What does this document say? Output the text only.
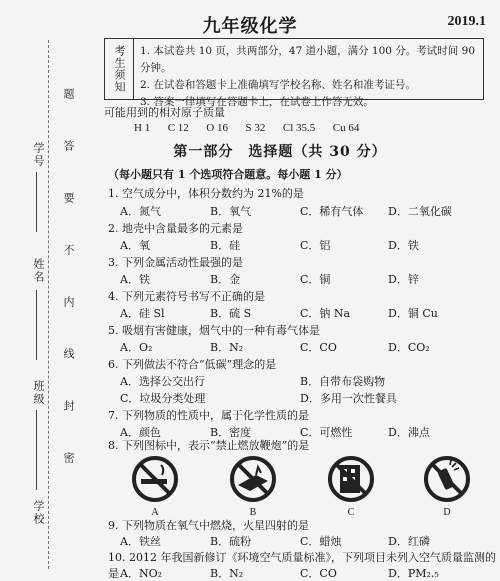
九年级化学	2019.1
学号
姓名
班级
学校
题
答
要
不
内
线
封
密
考生须知 1. 本试卷共 10 页，共两部分，47 道小题，满分 100 分。考试时间 90 分钟。
2. 在试卷和答题卡上准确填写学校名称、姓名和准考证号。
3. 答案一律填写在答题卡上，在试卷上作答无效。
可能用到的相对原子质量
H 1 C 12 O 16 S 32 Cl 35.5 Cu 64
第一部分　选择题（共 30 分）
（每小题只有 1 个选项符合题意。每小题 1 分）
1. 空气成分中，体积分数约为 21%的是
A．氮气	B．氧气	C．稀有气体 D．二氧化碳
2. 地壳中含量最多的元素是
A．氧	B．硅	C．铝	D．铁
3. 下列金属活动性最强的是
A．铁	B．金	C．铜	D．锌
4. 下列元素符号书写不正确的是
A．硅 Sl	B．硫 S	C．钠 Na	D．铜 Cu
5. 吸烟有害健康，烟气中的一种有毒气体是
A．O₂	B．N₂	C．CO	D．CO₂
6. 下列做法不符合“低碳”理念的是
A．选择公交出行	B．自带布袋购物
C．垃圾分类处理	D．多用一次性餐具
7. 下列物质的性质中，属于化学性质的是
A．颜色	B．密度	C．可燃性	D．沸点
8. 下列图标中，表示“禁止燃放鞭炮”的是
A	B	C	D
9. 下列物质在氧气中燃烧，火星四射的是
A．铁丝	B．硫粉	C．蜡烛	D．红磷
10. 2012 年我国新修订《环境空气质量标准》，下列项目未列入空气质量监测的是 A．NO₂	B．N₂	C．CO	D．PM₂.₅
